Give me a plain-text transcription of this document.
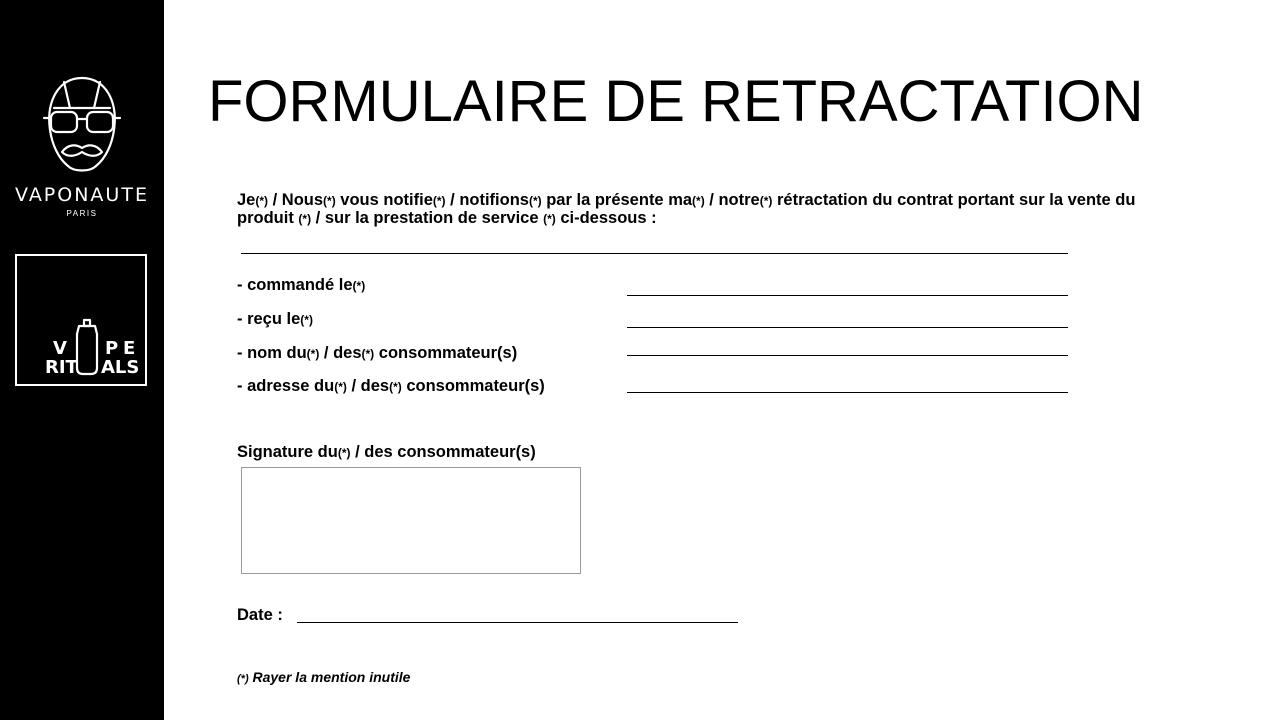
VAPONAUTE
PARIS
V P E
RIT ALS
FORMULAIRE DE RETRACTATION

Je(*) / Nous(*) vous notifie(*) / notifions(*) par la présente ma(*) / notre(*) rétractation du contrat portant sur la vente du produit (*) / sur la prestation de service (*) ci-dessous :

- commandé le(*)
- reçu le(*)
- nom du(*) / des(*) consommateur(s)
- adresse du(*) / des(*) consommateur(s)
Signature du(*) / des consommateur(s)
Date :
(*) Rayer la mention inutile
